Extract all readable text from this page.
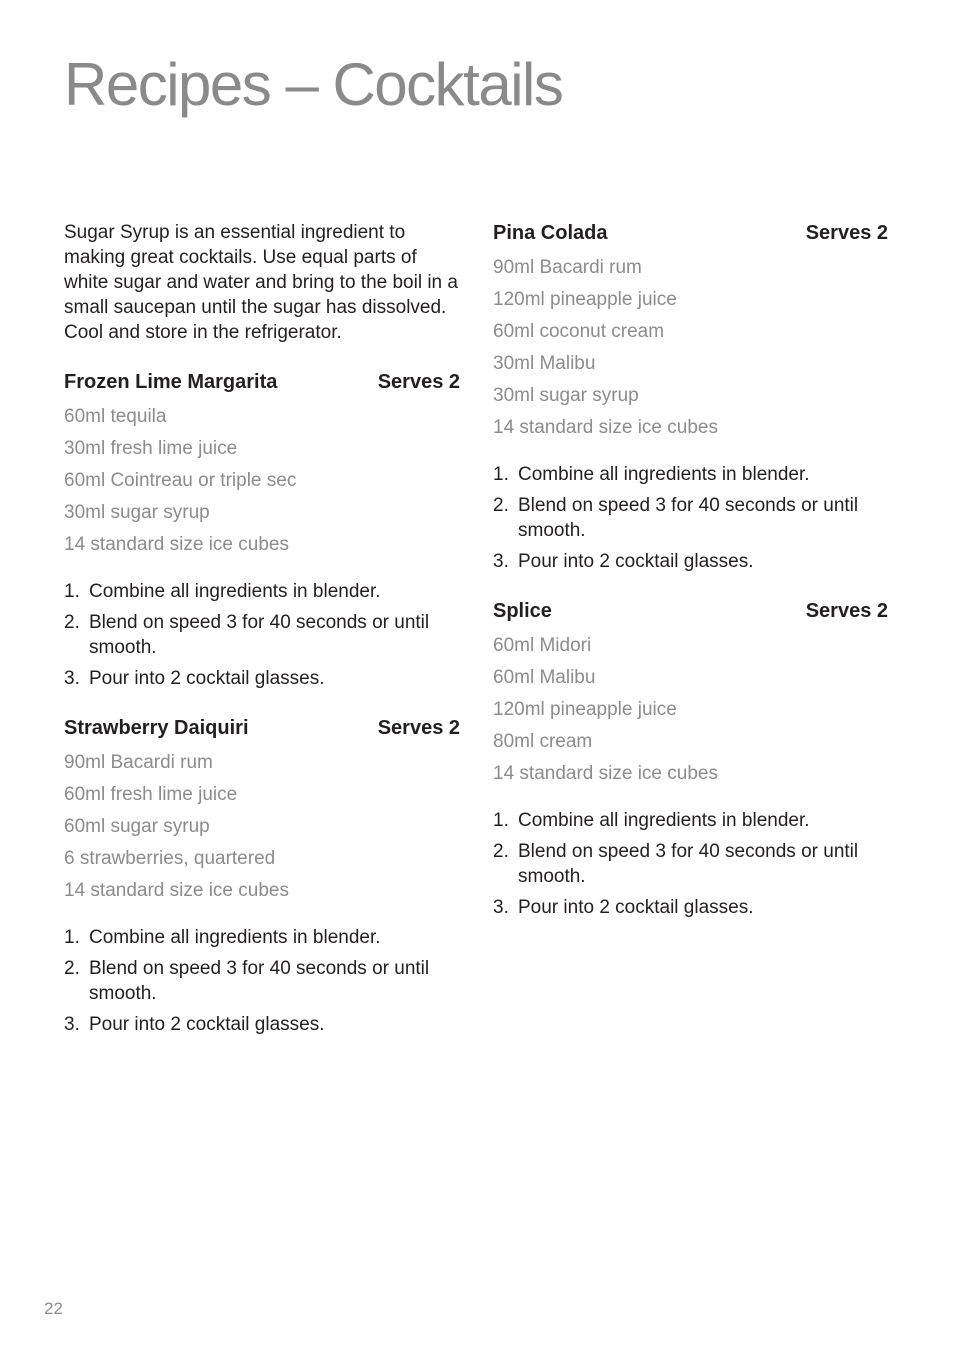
Recipes – Cocktails

Sugar Syrup is an essential ingredient to making great cocktails. Use equal parts of white sugar and water and bring to the boil in a small saucepan until the sugar has dissolved. Cool and store in the refrigerator.

Frozen Lime Margarita	Serves 2
60ml tequila
30ml fresh lime juice
60ml Cointreau or triple sec
30ml sugar syrup
14 standard size ice cubes
1. Combine all ingredients in blender.
2. Blend on speed 3 for 40 seconds or until smooth.
3. Pour into 2 cocktail glasses.
Strawberry Daiquiri	Serves 2
90ml Bacardi rum
60ml fresh lime juice
60ml sugar syrup
6 strawberries, quartered
14 standard size ice cubes
1. Combine all ingredients in blender.
2. Blend on speed 3 for 40 seconds or until smooth.
3. Pour into 2 cocktail glasses.
Pina Colada	Serves 2
90ml Bacardi rum
120ml pineapple juice
60ml coconut cream
30ml Malibu
30ml sugar syrup
14 standard size ice cubes
1. Combine all ingredients in blender.
2. Blend on speed 3 for 40 seconds or until smooth.
3. Pour into 2 cocktail glasses.
Splice	Serves 2
60ml Midori
60ml Malibu
120ml pineapple juice
80ml cream
14 standard size ice cubes
1. Combine all ingredients in blender.
2. Blend on speed 3 for 40 seconds or until smooth.
3. Pour into 2 cocktail glasses.
22
